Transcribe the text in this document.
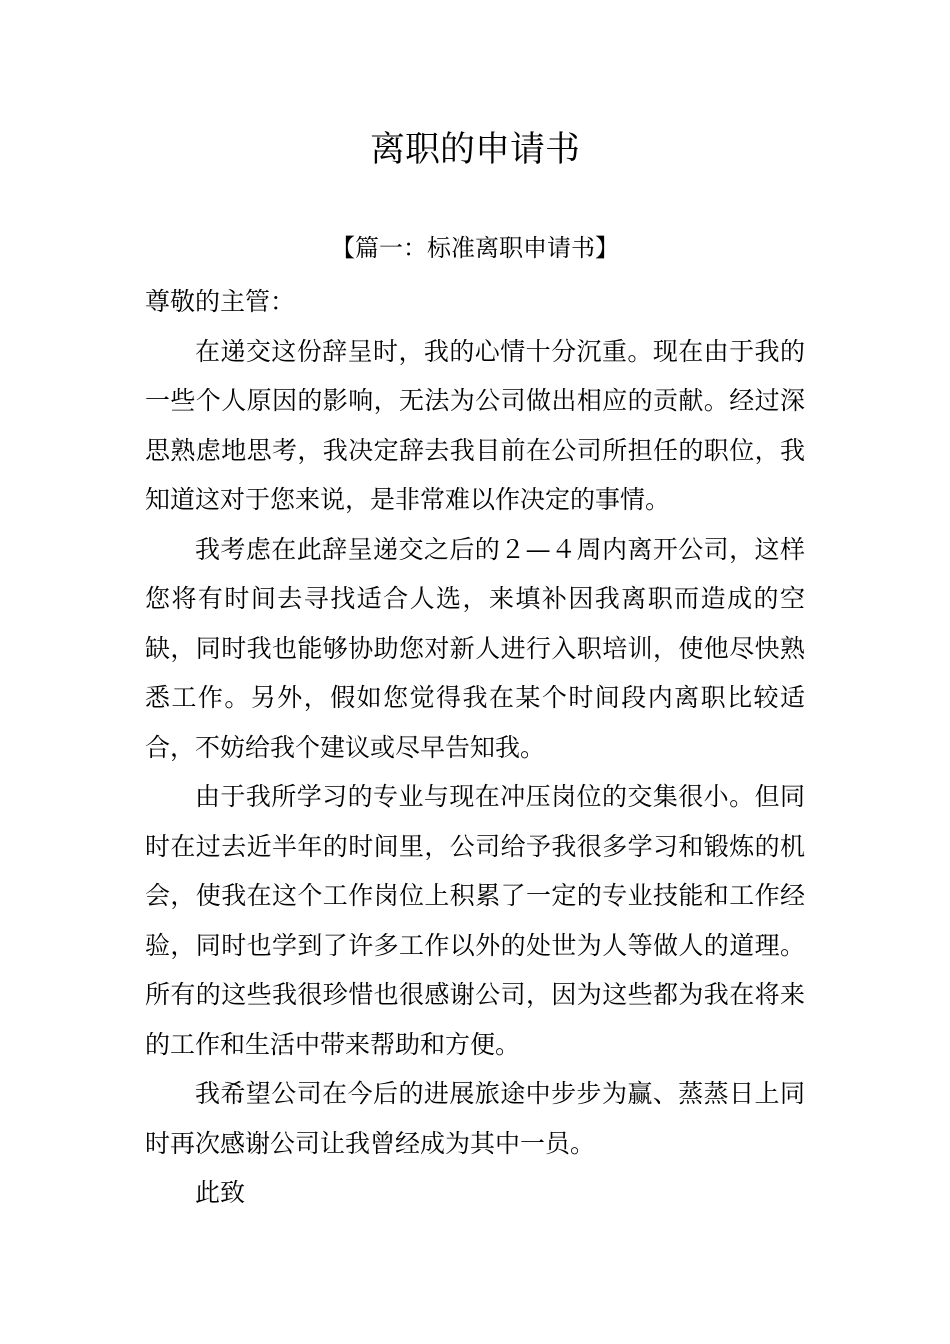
离职的申请书
【篇一：标准离职申请书】

尊敬的主管：

在递交这份辞呈时，我的心情十分沉重。现在由于我的一些个人原因的影响，无法为公司做出相应的贡献。经过深思熟虑地思考，我决定辞去我目前在公司所担任的职位，我知道这对于您来说，是非常难以作决定的事情。

我考虑在此辞呈递交之后的２—４周内离开公司，这样您将有时间去寻找适合人选，来填补因我离职而造成的空缺，同时我也能够协助您对新人进行入职培训，使他尽快熟悉工作。另外，假如您觉得我在某个时间段内离职比较适合，不妨给我个建议或尽早告知我。

由于我所学习的专业与现在冲压岗位的交集很小。但同时在过去近半年的时间里，公司给予我很多学习和锻炼的机会，使我在这个工作岗位上积累了一定的专业技能和工作经验，同时也学到了许多工作以外的处世为人等做人的道理。所有的这些我很珍惜也很感谢公司，因为这些都为我在将来的工作和生活中带来帮助和方便。

我希望公司在今后的进展旅途中步步为赢、蒸蒸日上同时再次感谢公司让我曾经成为其中一员。

此致
